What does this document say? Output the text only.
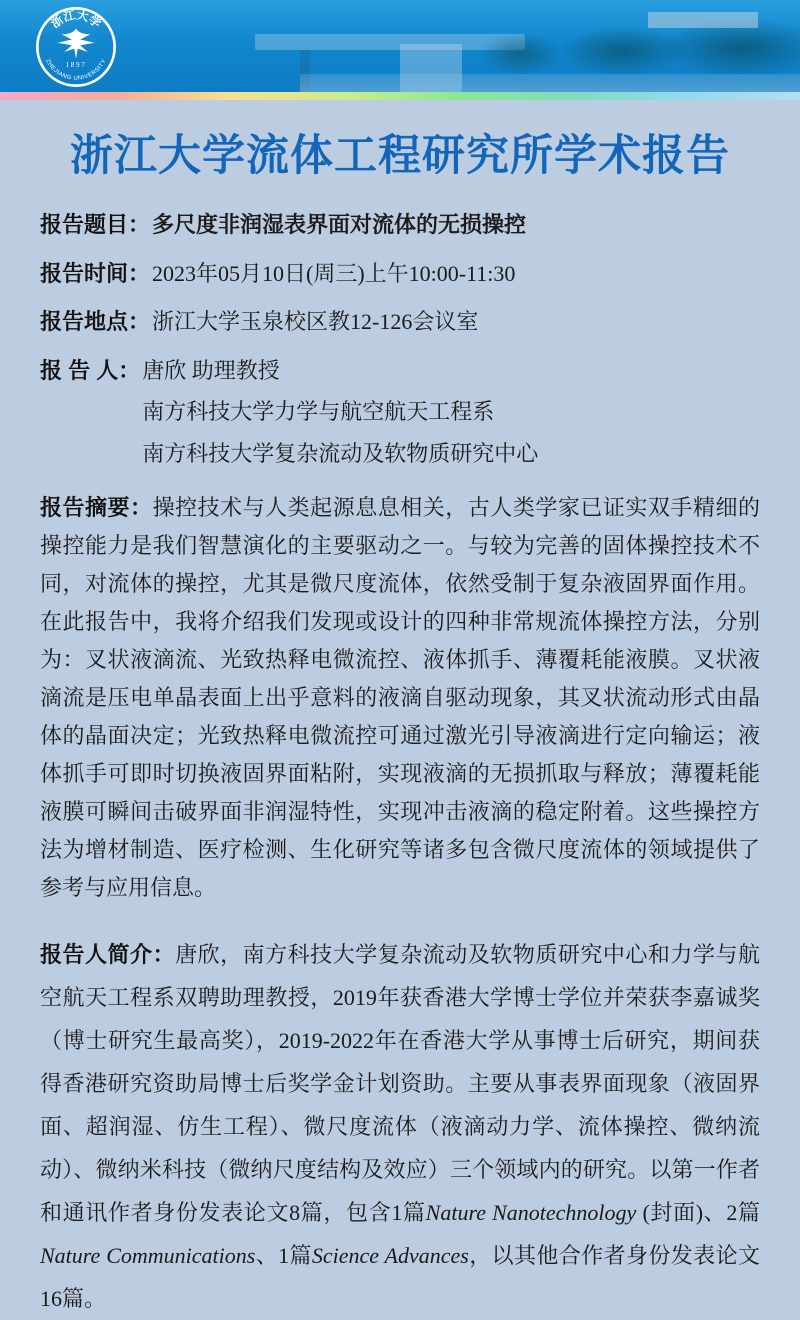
浙江大学
1897
ZHEJIANG UNIVERSITY
浙江大学流体工程研究所学术报告
报告题目： 多尺度非润湿表界面对流体的无损操控
报告时间： 2023年05月10日(周三)上午10:00-11:30
报告地点： 浙江大学玉泉校区教12-126会议室
报 告 人： 唐欣 助理教授
南方科技大学力学与航空航天工程系
南方科技大学复杂流动及软物质研究中心

报告摘要：操控技术与人类起源息息相关，古人类学家已证实双手精细的操控能力是我们智慧演化的主要驱动之一。与较为完善的固体操控技术不同，对流体的操控，尤其是微尺度流体，依然受制于复杂液固界面作用。在此报告中，我将介绍我们发现或设计的四种非常规流体操控方法，分别为：叉状液滴流、光致热释电微流控、液体抓手、薄覆耗能液膜。叉状液滴流是压电单晶表面上出乎意料的液滴自驱动现象，其叉状流动形式由晶体的晶面决定；光致热释电微流控可通过激光引导液滴进行定向输运；液体抓手可即时切换液固界面粘附，实现液滴的无损抓取与释放；薄覆耗能液膜可瞬间击破界面非润湿特性，实现冲击液滴的稳定附着。这些操控方法为增材制造、医疗检测、生化研究等诸多包含微尺度流体的领域提供了参考与应用信息。

报告人简介：唐欣，南方科技大学复杂流动及软物质研究中心和力学与航空航天工程系双聘助理教授，2019年获香港大学博士学位并荣获李嘉诚奖（博士研究生最高奖），2019-2022年在香港大学从事博士后研究，期间获得香港研究资助局博士后奖学金计划资助。主要从事表界面现象（液固界面、超润湿、仿生工程）、微尺度流体（液滴动力学、流体操控、微纳流动）、微纳米科技（微纳尺度结构及效应）三个领域内的研究。以第一作者和通讯作者身份发表论文8篇，包含1篇Nature Nanotechnology (封面)、2篇Nature Communications、1篇Science Advances，以其他合作者身份发表论文16篇。
